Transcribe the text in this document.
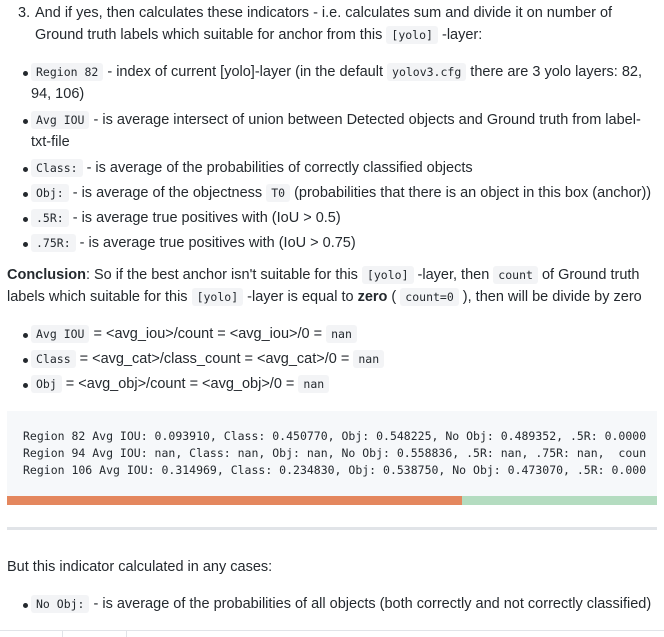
3. And if yes, then calculates these indicators - i.e. calculates sum and divide it on number of Ground truth labels which suitable for anchor from this [yolo] -layer:
Region 82 - index of current [yolo]-layer (in the default yolov3.cfg there are 3 yolo layers: 82, 94, 106)
Avg IOU - is average intersect of union between Detected objects and Ground truth from label-txt-file
Class: - is average of the probabilities of correctly classified objects
Obj: - is average of the objectness T0 (probabilities that there is an object in this box (anchor))
.5R: - is average true positives with (IoU > 0.5)
.75R: - is average true positives with (IoU > 0.75)
Conclusion: So if the best anchor isn't suitable for this [yolo] -layer, then count of Ground truth labels which suitable for this [yolo] -layer is equal to zero ( count=0 ), then will be divide by zero
Avg IOU = <avg_iou>/count = <avg_iou>/0 = nan
Class = <avg_cat>/class_count = <avg_cat>/0 = nan
Obj = <avg_obj>/count = <avg_obj>/0 = nan
Region 82 Avg IOU: 0.093910, Class: 0.450770, Obj: 0.548225, No Obj: 0.489352, .5R: 0.0000
Region 94 Avg IOU: nan, Class: nan, Obj: nan, No Obj: 0.558836, .5R: nan, .75R: nan,  coun
Region 106 Avg IOU: 0.314969, Class: 0.234830, Obj: 0.538750, No Obj: 0.473070, .5R: 0.000
But this indicator calculated in any cases:
No Obj: - is average of the probabilities of all objects (both correctly and not correctly classified)
